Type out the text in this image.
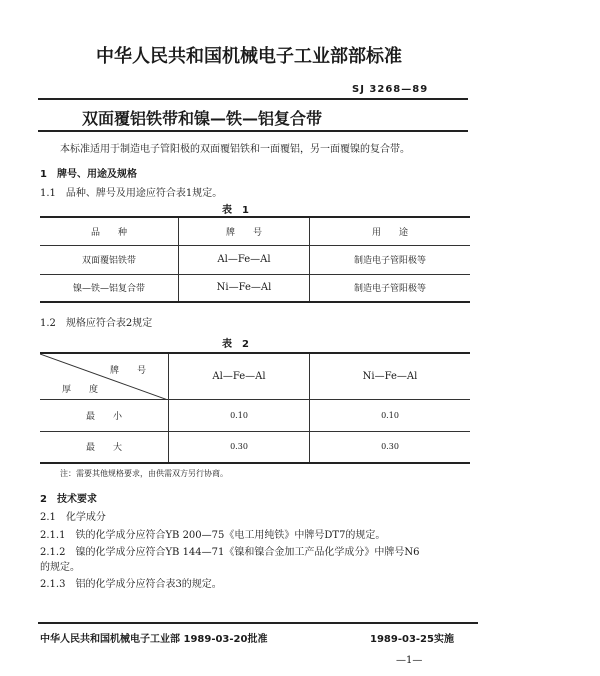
中华人民共和国机械电子工业部部标准
SJ 3268—89
双面覆铝铁带和镍—铁—铝复合带
本标准适用于制造电子管阳极的双面覆铝铁和一面覆铝，另一面覆镍的复合带。
1　牌号、用途及规格
1.1　品种、牌号及用途应符合表1规定。
表　1
品　　种	牌　　号	用　　途
双面覆铝铁带	Al—Fe—Al	制造电子管阳极等
镍—铁—铝复合带	Ni—Fe—Al	制造电子管阳极等
1.2　规格应符合表2规定
表　2
牌　　号
厚　　度	Al—Fe—Al	Ni—Fe—Al
最　　小	0.10	0.10
最　　大	0.30	0.30
注：需要其他规格要求，由供需双方另行协商。
2　技术要求
2.1　化学成分
2.1.1　铁的化学成分应符合YB 200—75《电工用纯铁》中牌号DT7的规定。
2.1.2　镍的化学成分应符合YB 144—71《镍和镍合金加工产品化学成分》中牌号N6
的规定。
2.1.3　铝的化学成分应符合表3的规定。
中华人民共和国机械电子工业部 1989-03-20批准	1989-03-25实施
—1—
